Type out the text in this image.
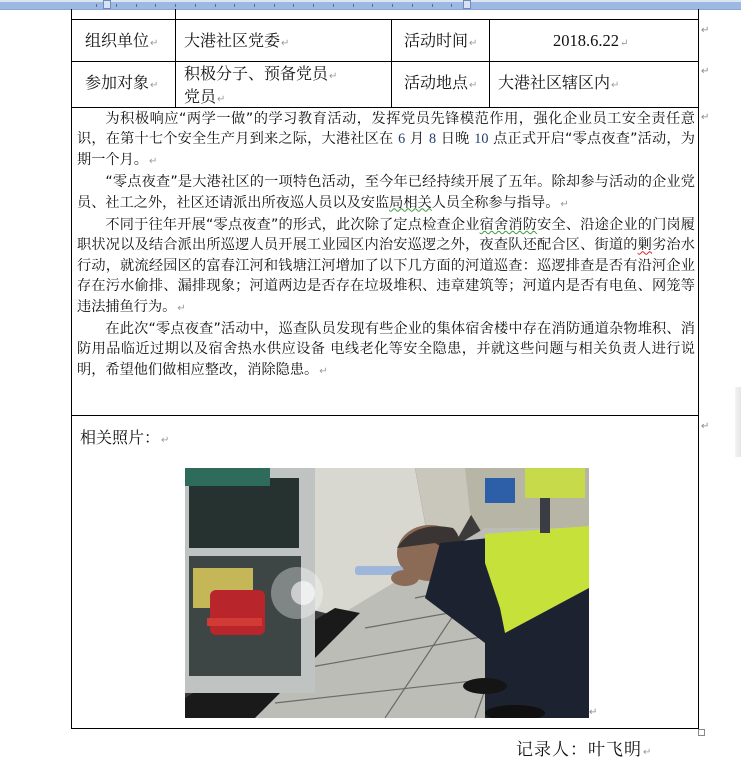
组织单位↵ 大港社区党委↵	活动时间↵	2018.6.22↵
参加对象↵
积极分子、预备党员↵
党员↵
活动地点↵ 大港社区辖区内↵

为积极响应“两学一做”的学习教育活动，发挥党员先锋模范作用，强化企业员工安全责任意识，在第十七个安全生产月到来之际，大港社区在 6 月 8 日晚 10 点正式开启“零点夜查”活动，为期一个月。↵

“零点夜查”是大港社区的一项特色活动，至今年已经持续开展了五年。除却参与活动的企业党员、社工之外，社区还请派出所夜巡人员以及安监局相关人员全称参与指导。↵

不同于往年开展“零点夜查”的形式，此次除了定点检查企业宿舍消防安全、沿途企业的门岗履职状况以及结合派出所巡逻人员开展工业园区内治安巡逻之外，夜查队还配合区、街道的剿劣治水行动，就流经园区的富春江河和钱塘江河增加了以下几方面的河道巡查：巡逻排查是否有沿河企业存在污水偷排、漏排现象；河道两边是否存在垃圾堆积、违章建筑等；河道内是否有电鱼、网笼等违法捕鱼行为。↵

在此次“零点夜查”活动中，巡查队员发现有些企业的集体宿舍楼中存在消防通道杂物堆积、消防用品临近过期以及宿舍热水供应设备 电线老化等安全隐患，并就这些问题与相关负责人进行说明，希望他们做相应整改，消除隐患。↵

相关照片：↵
↵
↵
↵
↵
↵
记录人：叶飞明↵
